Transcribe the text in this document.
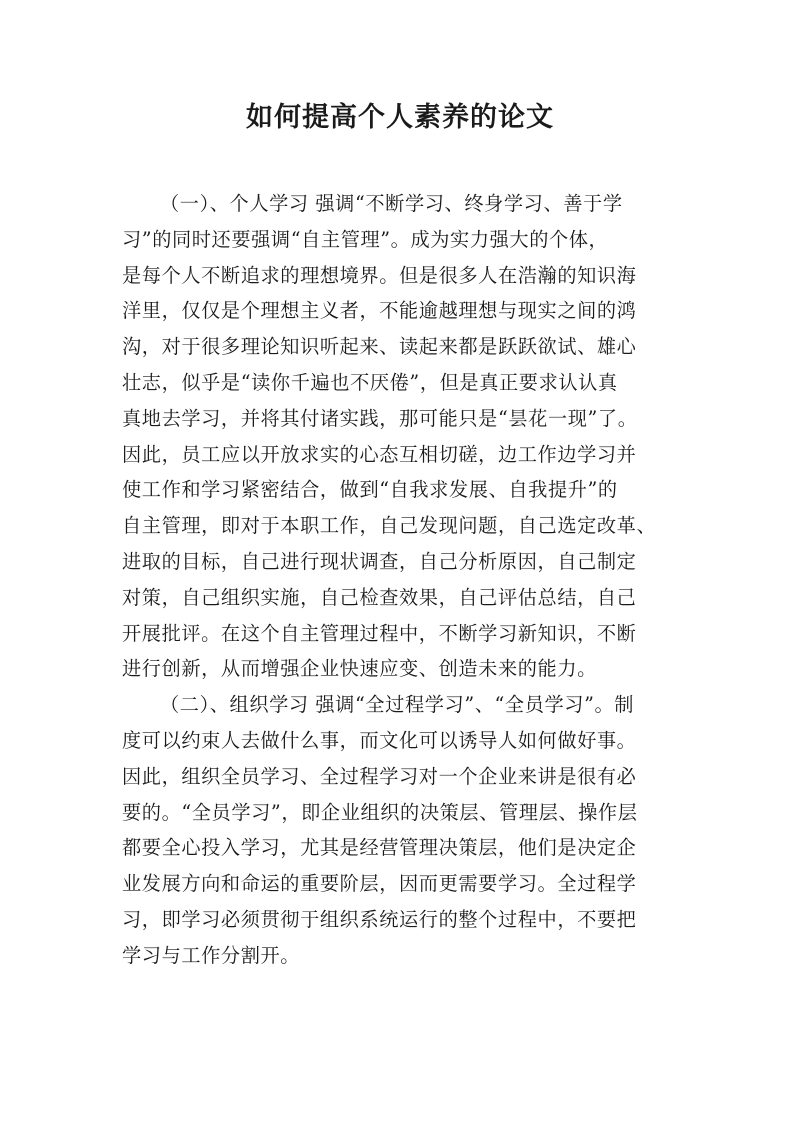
如何提高个人素养的论文
（一）、个人学习 强调“不断学习、终身学习、善于学
习”的同时还要强调“自主管理”。成为实力强大的个体，
是每个人不断追求的理想境界。但是很多人在浩瀚的知识海
洋里，仅仅是个理想主义者，不能逾越理想与现实之间的鸿
沟，对于很多理论知识听起来、读起来都是跃跃欲试、雄心
壮志，似乎是“读你千遍也不厌倦”，但是真正要求认认真
真地去学习，并将其付诸实践，那可能只是“昙花一现”了。
因此，员工应以开放求实的心态互相切磋，边工作边学习并
使工作和学习紧密结合，做到“自我求发展、自我提升”的
自主管理，即对于本职工作，自己发现问题，自己选定改革、
进取的目标，自己进行现状调查，自己分析原因，自己制定
对策，自己组织实施，自己检查效果，自己评估总结，自己
开展批评。在这个自主管理过程中，不断学习新知识，不断
进行创新，从而增强企业快速应变、创造未来的能力。
（二）、组织学习 强调“全过程学习”、“全员学习”。制
度可以约束人去做什么事，而文化可以诱导人如何做好事。
因此，组织全员学习、全过程学习对一个企业来讲是很有必
要的。“全员学习”，即企业组织的决策层、管理层、操作层
都要全心投入学习，尤其是经营管理决策层，他们是决定企
业发展方向和命运的重要阶层，因而更需要学习。全过程学
习，即学习必须贯彻于组织系统运行的整个过程中，不要把
学习与工作分割开。
